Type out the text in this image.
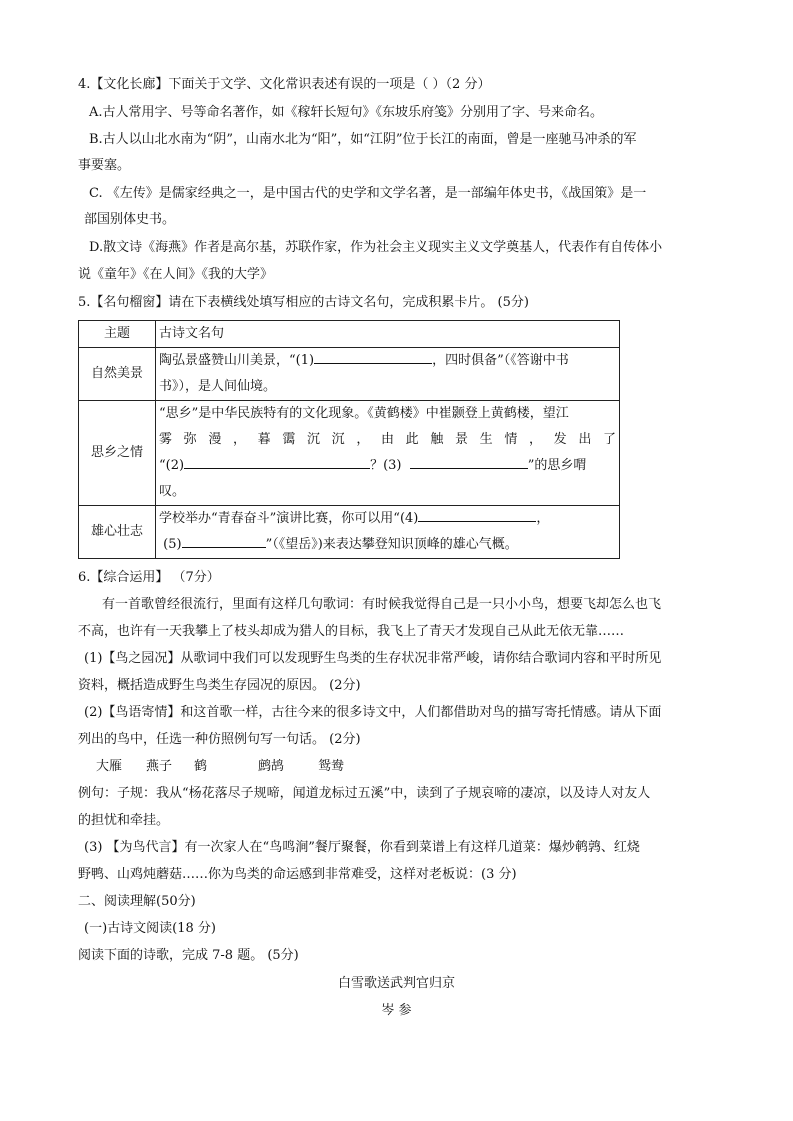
4.【文化长廊】下面关于文学、文化常识表述有误的一项是（ ）（2 分）
A.古人常用字、号等命名著作，如《稼轩长短句》《东坡乐府笺》分别用了字、号来命名。
B.古人以山北水南为“阴”，山南水北为“阳”，如“江阴”位于长江的南面，曾是一座驰马冲杀的军
事要塞。
C. 《左传》是儒家经典之一，是中国古代的史学和文学名著，是一部编年体史书，《战国策》是一
部国别体史书。
D.散文诗《海燕》作者是高尔基，苏联作家，作为社会主义现实主义文学奠基人，代表作有自传体小
说《童年》《在人间》《我的大学》
5.【名句榴窗】请在下表横线处填写相应的古诗文名句，完成积累卡片。 (5分)
主题	古诗文名句
自然美景	陶弘景盛赞山川美景，“(1) ，四时俱备”（《答谢中书
书》），是人间仙境。

思乡之情	“思乡”是中华民族特有的文化现象。《黄鹤楼》中崔颢登上黄鹤楼，望江
雾弥漫，暮霭沉沉，由此触景生情，发出了
“(2) ？(3) ”的思乡喟
叹。

雄心壮志	学校举办“青春奋斗”演讲比赛，你可以用“(4) ，
(5) ”（《望岳》)来表达攀登知识顶峰的雄心气概。
6.【综合运用】 （7分）
有一首歌曾经很流行，里面有这样几句歌词：有时候我觉得自己是一只小小鸟，想要飞却怎么也飞
不高，也许有一天我攀上了枝头却成为猎人的目标，我飞上了青天才发现自己从此无依无靠……
(1)【鸟之园况】从歌词中我们可以发现野生鸟类的生存状况非常严峻，请你结合歌词内容和平时所见
资料，概括造成野生鸟类生存园况的原因。 (2分)
(2)【鸟语寄情】和这首歌一样，古往今来的很多诗文中，人们都借助对鸟的描写寄托情感。请从下面
列出的鸟中，任选一种仿照例句写一句话。 (2分)
大雁 燕子 鹤	鹧鸪	鸳鸯
例句：子规：我从“杨花落尽子规啼，闻道龙标过五溪”中，读到了子规哀啼的凄凉，以及诗人对友人
的担忧和牵挂。
(3) 【为鸟代言】有一次家人在“鸟鸣涧”餐厅聚餐，你看到菜谱上有这样几道菜：爆炒鹌鹑、红烧
野鸭、山鸡炖蘑菇……你为鸟类的命运感到非常难受，这样对老板说：(3 分)
二、阅读理解(50分)
(一)古诗文阅读(18 分)
阅读下面的诗歌，完成 7-8 题。 (5分)
白雪歌送武判官归京
岑 参
